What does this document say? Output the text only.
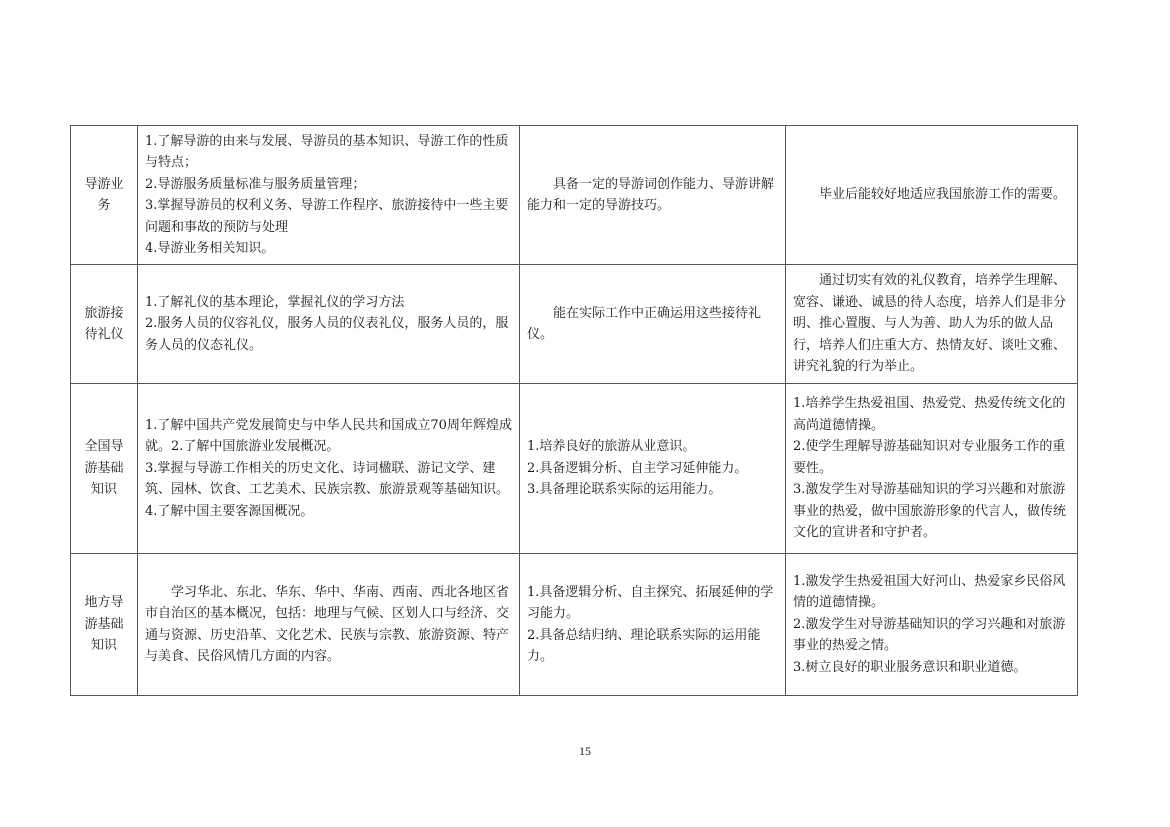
导游业务	1.了解导游的由来与发展、导游员的基本知识、导游工作的性质与特点；
2.导游服务质量标准与服务质量管理；
3.掌握导游员的权利义务、导游工作程序、旅游接待中一些主要问题和事故的预防与处理
4.导游业务相关知识。	具备一定的导游词创作能力、导游讲解能力和一定的导游技巧。	毕业后能较好地适应我国旅游工作的需要。

旅游接待礼仪	1.了解礼仪的基本理论，掌握礼仪的学习方法
2.服务人员的仪容礼仪，服务人员的仪表礼仪，服务人员的，服务人员的仪态礼仪。	能在实际工作中正确运用这些接待礼仪。	通过切实有效的礼仪教育，培养学生理解、宽容、谦逊、诚恳的待人态度，培养人们是非分明、推心置腹、与人为善、助人为乐的做人品行，培养人们庄重大方、热情友好、谈吐文雅、讲究礼貌的行为举止。

全国导游基础知识	1.了解中国共产党发展简史与中华人民共和国成立70周年辉煌成就。2.了解中国旅游业发展概况。
3.掌握与导游工作相关的历史文化、诗词楹联、游记文学、建筑、园林、饮食、工艺美术、民族宗教、旅游景观等基础知识。
4.了解中国主要客源国概况。	1.培养良好的旅游从业意识。
2.具备逻辑分析、自主学习延伸能力。
3.具备理论联系实际的运用能力。	1.培养学生热爱祖国、热爱党、热爱传统文化的高尚道德情操。
2.使学生理解导游基础知识对专业服务工作的重要性。
3.激发学生对导游基础知识的学习兴趣和对旅游事业的热爱，做中国旅游形象的代言人，做传统文化的宣讲者和守护者。

地方导游基础知识	学习华北、东北、华东、华中、华南、西南、西北各地区省市自治区的基本概况，包括：地理与气候、区划人口与经济、交通与资源、历史沿革、文化艺术、民族与宗教、旅游资源、特产与美食、民俗风情几方面的内容。	1.具备逻辑分析、自主探究、拓展延伸的学习能力。
2.具备总结归纳、理论联系实际的运用能力。	1.激发学生热爱祖国大好河山、热爱家乡民俗风情的道德情操。
2.激发学生对导游基础知识的学习兴趣和对旅游事业的热爱之情。
3.树立良好的职业服务意识和职业道德。
15
